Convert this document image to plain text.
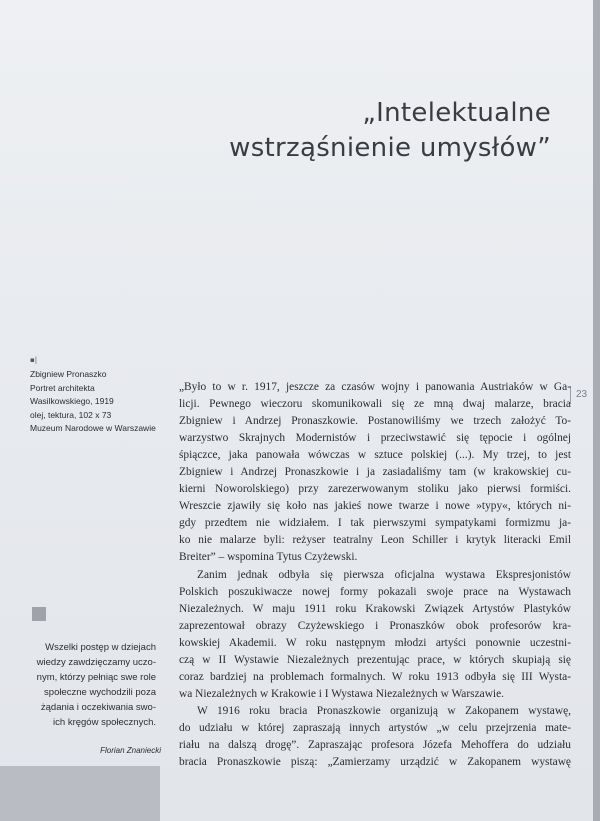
„Intelektualne
wstrząśnienie umysłów”
▪|
Zbigniew Pronaszko
Portret architekta
Wasilkowskiego, 1919
olej, tektura, 102 x 73
Muzeum Narodowe w Warszawie
23
„Było to w r. 1917, jeszcze za czasów wojny i panowania Austriaków w Ga-
licji. Pewnego wieczoru skomunikowali się ze mną dwaj malarze, bracia
Zbigniew i Andrzej Pronaszkowie. Postanowiliśmy we trzech założyć To-
warzystwo Skrajnych Modernistów i przeciwstawić się tępocie i ogólnej
śpiączce, jaka panowała wówczas w sztuce polskiej (...). My trzej, to jest
Zbigniew i Andrzej Pronaszkowie i ja zasiadaliśmy tam (w krakowskiej cu-
kierni Noworolskiego) przy zarezerwowanym stoliku jako pierwsi formiści.
Wreszcie zjawiły się koło nas jakieś nowe twarze i nowe »typy«, których ni-
gdy przedtem nie widziałem. I tak pierwszymi sympatykami formizmu ja-
ko nie malarze byli: reżyser teatralny Leon Schiller i krytyk literacki Emil
Breiter” – wspomina Tytus Czyżewski.
Zanim jednak odbyła się pierwsza oficjalna wystawa Ekspresjonistów
Polskich poszukiwacze nowej formy pokazali swoje prace na Wystawach
Niezależnych. W maju 1911 roku Krakowski Związek Artystów Plastyków
zaprezentował obrazy Czyżewskiego i Pronaszków obok profesorów kra-
kowskiej Akademii. W roku następnym młodzi artyści ponownie uczestni-
czą w II Wystawie Niezależnych prezentując prace, w których skupiają się
coraz bardziej na problemach formalnych. W roku 1913 odbyła się III Wysta-
wa Niezależnych w Krakowie i I Wystawa Niezależnych w Warszawie.
W 1916 roku bracia Pronaszkowie organizują w Zakopanem wystawę,
do udziału w której zapraszają innych artystów „w celu przejrzenia mate-
riału na dalszą drogę”. Zapraszając profesora Józefa Mehoffera do udziału
bracia Pronaszkowie piszą: „Zamierzamy urządzić w Zakopanem wystawę
Wszelki postęp w dziejach
wiedzy zawdzięczamy uczo-
nym, którzy pełniąc swe role
społeczne wychodzili poza
żądania i oczekiwania swo-
ich kręgów społecznych.
Florian Znaniecki
